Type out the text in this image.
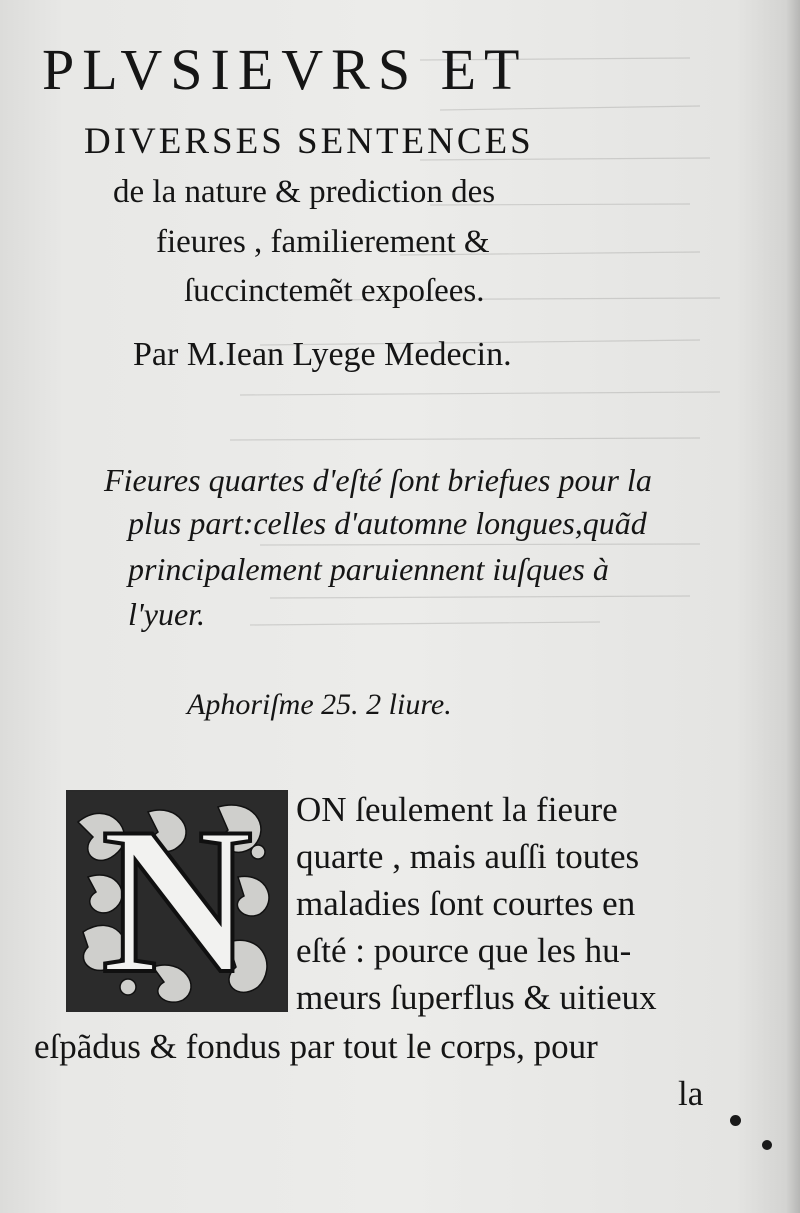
PLVSIEVRS ET
DIVERSES SENTENCES
de la nature & prediction des
fieures , familierement &
ſuccinctemẽt expoſees.
Par M.Iean Lyege Medecin.
Fieures quartes d'eſté ſont briefues pour la
plus part:celles d'automne longues,quãd
principalement paruiennent iuſques à
l'yuer.
Aphoriſme 25. 2 liure.
N	ON ſeulement la fieure
quarte , mais auſſi toutes
maladies ſont courtes en
eſté : pource que les hu-
meurs ſuperflus & uitieux
eſpãdus & fondus par tout le corps, pour
la
